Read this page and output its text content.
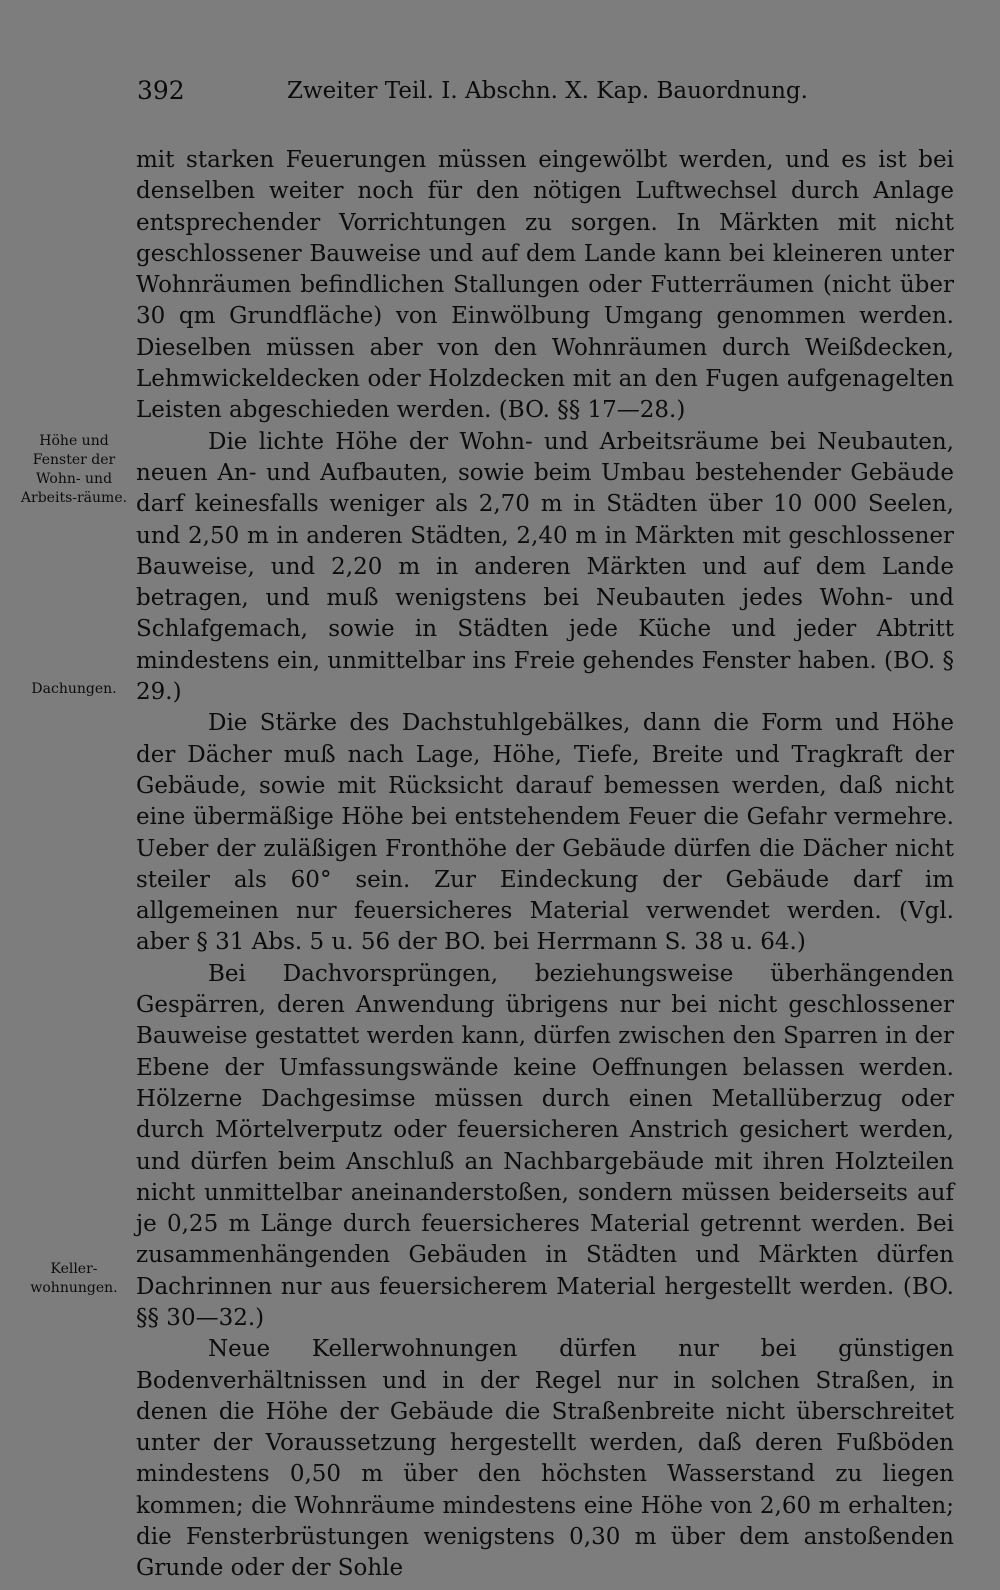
392	Zweiter Teil. I. Abschn. X. Kap. Bauordnung.
Höhe und Fenster der Wohn- und Arbeits-räume.
Dachungen.
Keller-wohnungen.

mit starken Feuerungen müssen eingewölbt werden, und es ist bei denselben weiter noch für den nötigen Luftwechsel durch Anlage entsprechender Vorrichtungen zu sorgen. In Märkten mit nicht geschlossener Bauweise und auf dem Lande kann bei kleineren unter Wohnräumen befindlichen Stallungen oder Futterräumen (nicht über 30 qm Grundfläche) von Einwölbung Umgang genommen werden. Dieselben müssen aber von den Wohnräumen durch Weißdecken, Lehmwickeldecken oder Holzdecken mit an den Fugen aufgenagelten Leisten abgeschieden werden. (BO. §§ 17—28.)

Die lichte Höhe der Wohn- und Arbeitsräume bei Neubauten, neuen An- und Aufbauten, sowie beim Umbau bestehender Gebäude darf keinesfalls weniger als 2,70 m in Städten über 10 000 Seelen, und 2,50 m in anderen Städten, 2,40 m in Märkten mit geschlossener Bauweise, und 2,20 m in anderen Märkten und auf dem Lande betragen, und muß wenigstens bei Neubauten jedes Wohn- und Schlafgemach, sowie in Städten jede Küche und jeder Abtritt mindestens ein, unmittelbar ins Freie gehendes Fenster haben. (BO. § 29.)

Die Stärke des Dachstuhlgebälkes, dann die Form und Höhe der Dächer muß nach Lage, Höhe, Tiefe, Breite und Tragkraft der Gebäude, sowie mit Rücksicht darauf bemessen werden, daß nicht eine übermäßige Höhe bei entstehendem Feuer die Gefahr vermehre. Ueber der zuläßigen Fronthöhe der Gebäude dürfen die Dächer nicht steiler als 60° sein. Zur Eindeckung der Gebäude darf im allgemeinen nur feuersicheres Material verwendet werden. (Vgl. aber § 31 Abs. 5 u. 56 der BO. bei Herrmann S. 38 u. 64.)

Bei Dachvorsprüngen, beziehungsweise überhängenden Gespärren, deren Anwendung übrigens nur bei nicht geschlossener Bauweise gestattet werden kann, dürfen zwischen den Sparren in der Ebene der Umfassungswände keine Oeffnungen belassen werden. Hölzerne Dachgesimse müssen durch einen Metallüberzug oder durch Mörtelverputz oder feuersicheren Anstrich gesichert werden, und dürfen beim Anschluß an Nachbargebäude mit ihren Holzteilen nicht unmittelbar aneinanderstoßen, sondern müssen beiderseits auf je 0,25 m Länge durch feuersicheres Material getrennt werden. Bei zusammenhängenden Gebäuden in Städten und Märkten dürfen Dachrinnen nur aus feuersicherem Material hergestellt werden. (BO. §§ 30—32.)

Neue Kellerwohnungen dürfen nur bei günstigen Bodenverhältnissen und in der Regel nur in solchen Straßen, in denen die Höhe der Gebäude die Straßenbreite nicht überschreitet unter der Voraussetzung hergestellt werden, daß deren Fußböden mindestens 0,50 m über den höchsten Wasserstand zu liegen kommen; die Wohnräume mindestens eine Höhe von 2,60 m erhalten; die Fensterbrüstungen wenigstens 0,30 m über dem anstoßenden Grunde oder der Sohle
